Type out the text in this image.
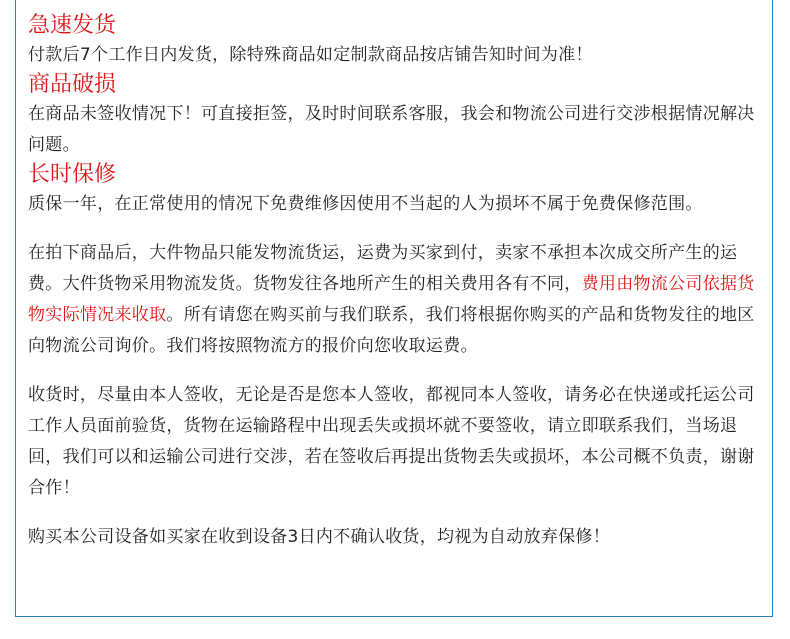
急速发货

付款后7个工作日内发货，除特殊商品如定制款商品按店铺告知时间为准！

商品破损

在商品未签收情况下！可直接拒签，及时时间联系客服，我会和物流公司进行交涉根据情况解决问题。

长时保修

质保一年，在正常使用的情况下免费维修因使用不当起的人为损坏不属于免费保修范围。

在拍下商品后，大件物品只能发物流货运，运费为买家到付，卖家不承担本次成交所产生的运费。大件货物采用物流发货。货物发往各地所产生的相关费用各有不同，费用由物流公司依据货物实际情况来收取。所有请您在购买前与我们联系，我们将根据你购买的产品和货物发往的地区向物流公司询价。我们将按照物流方的报价向您收取运费。

收货时，尽量由本人签收，无论是否是您本人签收，都视同本人签收，请务必在快递或托运公司工作人员面前验货，货物在运输路程中出现丢失或损坏就不要签收，请立即联系我们，当场退回，我们可以和运输公司进行交涉，若在签收后再提出货物丢失或损坏，本公司概不负责，谢谢合作！

购买本公司设备如买家在收到设备3日内不确认收货，均视为自动放弃保修！
